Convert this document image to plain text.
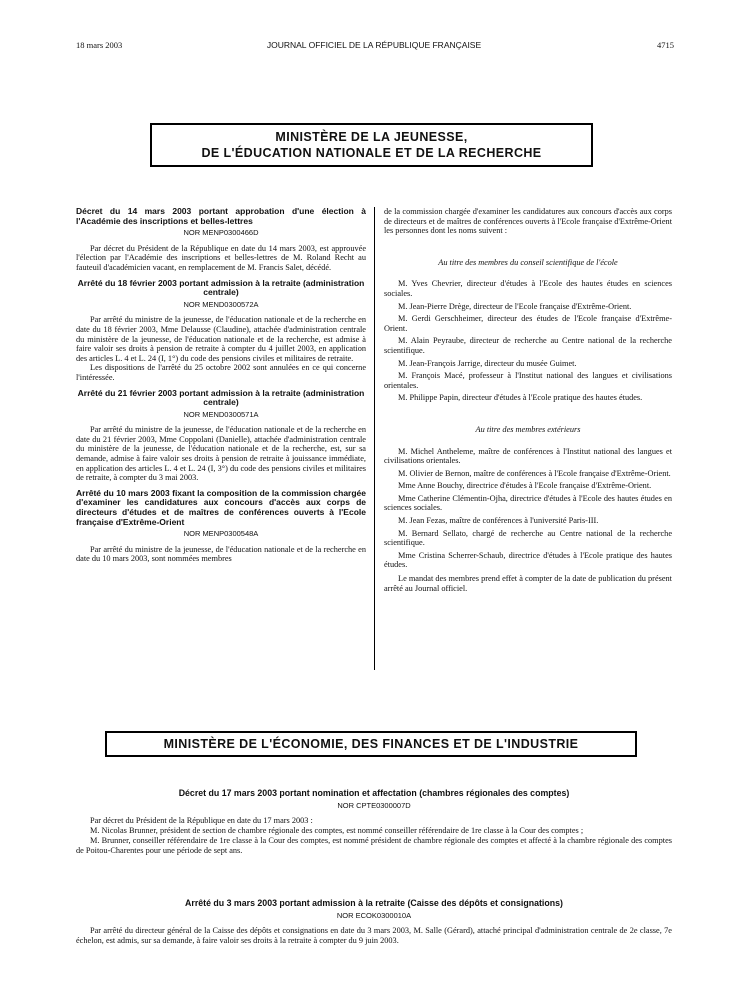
18 mars 2003	JOURNAL OFFICIEL DE LA RÉPUBLIQUE FRANÇAISE	4715
MINISTÈRE DE LA JEUNESSE,
DE L'ÉDUCATION NATIONALE ET DE LA RECHERCHE
Décret du 14 mars 2003 portant approbation d'une élection à l'Académie des inscriptions et belles-lettres
NOR MENP0300466D

Par décret du Président de la République en date du 14 mars 2003, est approuvée l'élection par l'Académie des inscriptions et belles-lettres de M. Roland Recht au fauteuil d'académicien vacant, en remplacement de M. Francis Salet, décédé.

Arrêté du 18 février 2003 portant admission à la retraite (administration centrale)
NOR MEND0300572A

Par arrêté du ministre de la jeunesse, de l'éducation nationale et de la recherche en date du 18 février 2003, Mme Delausse (Claudine), attachée d'administration centrale du ministère de la jeunesse, de l'éducation nationale et de la recherche, est admise à faire valoir ses droits à pension de retraite à compter du 4 juillet 2003, en application des articles L. 4 et L. 24 (I, 1°) du code des pensions civiles et militaires de retraite.

Les dispositions de l'arrêté du 25 octobre 2002 sont annulées en ce qui concerne l'intéressée.

Arrêté du 21 février 2003 portant admission à la retraite (administration centrale)
NOR MEND0300571A

Par arrêté du ministre de la jeunesse, de l'éducation nationale et de la recherche en date du 21 février 2003, Mme Coppolani (Danielle), attachée d'administration centrale du ministère de la jeunesse, de l'éducation nationale et de la recherche, est, sur sa demande, admise à faire valoir ses droits à pension de retraite à jouissance immédiate, en application des articles L. 4 et L. 24 (I, 3°) du code des pensions civiles et militaires de retraite, à compter du 3 mai 2003.

Arrêté du 10 mars 2003 fixant la composition de la commission chargée d'examiner les candidatures aux concours d'accès aux corps de directeurs d'études et de maîtres de conférences ouverts à l'Ecole française d'Extrême-Orient
NOR MENP0300548A

Par arrêté du ministre de la jeunesse, de l'éducation nationale et de la recherche en date du 10 mars 2003, sont nommées membres

de la commission chargée d'examiner les candidatures aux concours d'accès aux corps de directeurs et de maîtres de conférences ouverts à l'Ecole française d'Extrême-Orient les personnes dont les noms suivent :

Au titre des membres du conseil scientifique de l'école
M. Yves Chevrier, directeur d'études à l'Ecole des hautes études en sciences sociales.
M. Jean-Pierre Drège, directeur de l'Ecole française d'Extrême-Orient.
M. Gerdi Gerschheimer, directeur des études de l'Ecole française d'Extrême-Orient.
M. Alain Peyraube, directeur de recherche au Centre national de la recherche scientifique.
M. Jean-François Jarrige, directeur du musée Guimet.
M. François Macé, professeur à l'Institut national des langues et civilisations orientales.
M. Philippe Papin, directeur d'études à l'Ecole pratique des hautes études.
Au titre des membres extérieurs
M. Michel Antheleme, maître de conférences à l'Institut national des langues et civilisations orientales.
M. Olivier de Bernon, maître de conférences à l'Ecole française d'Extrême-Orient.
Mme Anne Bouchy, directrice d'études à l'Ecole française d'Extrême-Orient.
Mme Catherine Clémentin-Ojha, directrice d'études à l'Ecole des hautes études en sciences sociales.
M. Jean Fezas, maître de conférences à l'université Paris-III.
M. Bernard Sellato, chargé de recherche au Centre national de la recherche scientifique.
Mme Cristina Scherrer-Schaub, directrice d'études à l'Ecole pratique des hautes études.

Le mandat des membres prend effet à compter de la date de publication du présent arrêté au Journal officiel.

MINISTÈRE DE L'ÉCONOMIE, DES FINANCES ET DE L'INDUSTRIE
Décret du 17 mars 2003 portant nomination et affectation (chambres régionales des comptes)
NOR CPTE0300007D

Par décret du Président de la République en date du 17 mars 2003 :

M. Nicolas Brunner, président de section de chambre régionale des comptes, est nommé conseiller référendaire de 1re classe à la Cour des comptes ;

M. Brunner, conseiller référendaire de 1re classe à la Cour des comptes, est nommé président de chambre régionale des comptes et affecté à la chambre régionale des comptes de Poitou-Charentes pour une période de sept ans.

Arrêté du 3 mars 2003 portant admission à la retraite (Caisse des dépôts et consignations)
NOR ECOK0300010A

Par arrêté du directeur général de la Caisse des dépôts et consignations en date du 3 mars 2003, M. Salle (Gérard), attaché principal d'administration centrale de 2e classe, 7e échelon, est admis, sur sa demande, à faire valoir ses droits à la retraite à compter du 9 juin 2003.
